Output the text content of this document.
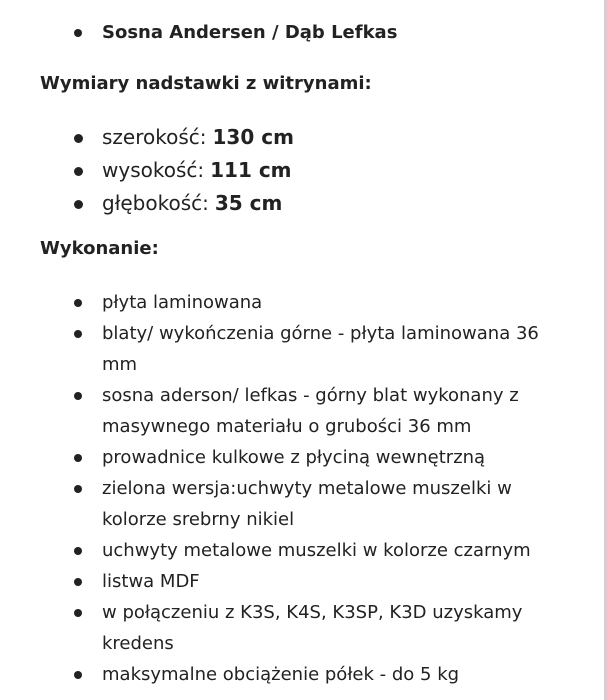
Sosna Andersen / Dąb Lefkas
Wymiary nadstawki z witrynami:
szerokość: 130 cm
wysokość: 111 cm
głębokość: 35 cm
Wykonanie:
płyta laminowana
blaty/ wykończenia górne - płyta laminowana 36 mm
sosna aderson/ lefkas - górny blat wykonany z masywnego materiału o grubości 36 mm
prowadnice kulkowe z płyciną wewnętrzną
zielona wersja:uchwyty metalowe muszelki w kolorze srebrny nikiel
uchwyty metalowe muszelki w kolorze czarnym
listwa MDF
w połączeniu z K3S, K4S, K3SP, K3D uzyskamy kredens
maksymalne obciążenie półek - do 5 kg
